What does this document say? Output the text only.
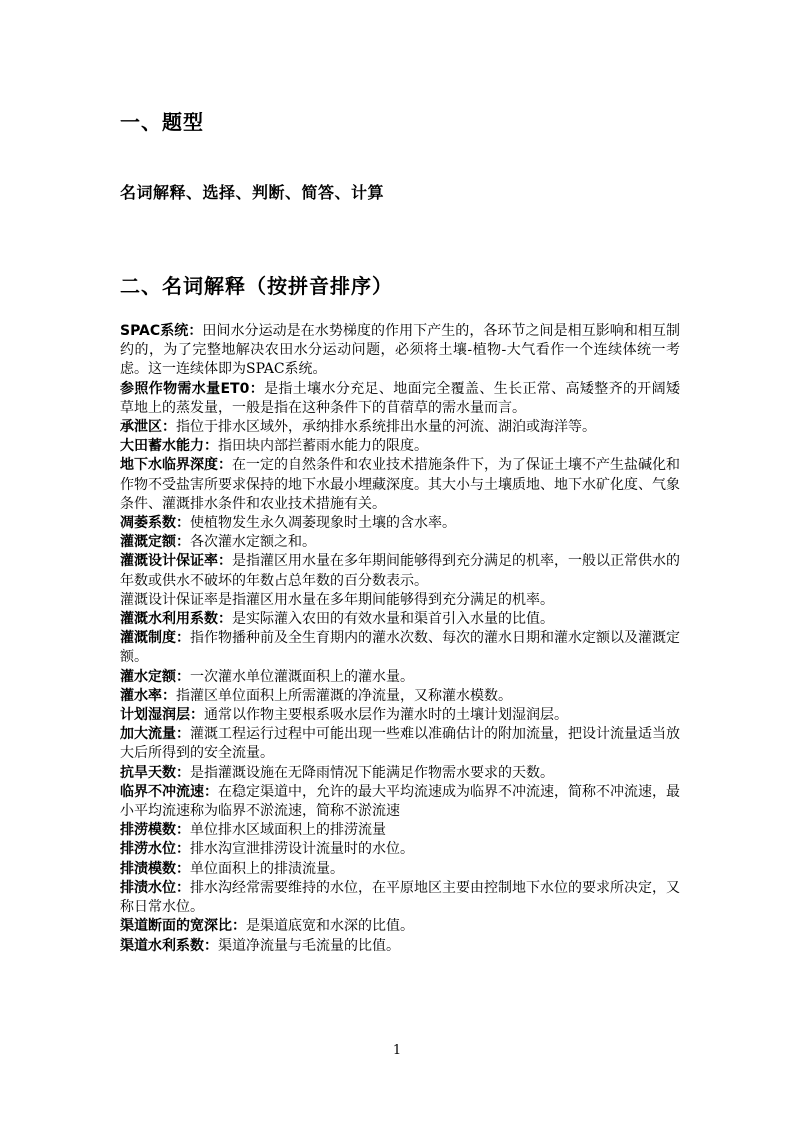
一、题型
名词解释、选择、判断、简答、计算
二、名词解释（按拼音排序）

SPAC系统：田间水分运动是在水势梯度的作用下产生的，各环节之间是相互影响和相互制约的，为了完整地解决农田水分运动问题，必须将土壤-植物-大气看作一个连续体统一考虑。这一连续体即为SPAC系统。

参照作物需水量ET0：是指土壤水分充足、地面完全覆盖、生长正常、高矮整齐的开阔矮草地上的蒸发量，一般是指在这种条件下的苜蓿草的需水量而言。

承泄区：指位于排水区域外，承纳排水系统排出水量的河流、湖泊或海洋等。

大田蓄水能力：指田块内部拦蓄雨水能力的限度。

地下水临界深度：在一定的自然条件和农业技术措施条件下，为了保证土壤不产生盐碱化和作物不受盐害所要求保持的地下水最小埋藏深度。其大小与土壤质地、地下水矿化度、气象条件、灌溉排水条件和农业技术措施有关。

凋萎系数：使植物发生永久凋萎现象时土壤的含水率。

灌溉定额：各次灌水定额之和。

灌溉设计保证率：是指灌区用水量在多年期间能够得到充分满足的机率，一般以正常供水的年数或供水不破坏的年数占总年数的百分数表示。

灌溉设计保证率是指灌区用水量在多年期间能够得到充分满足的机率。

灌溉水利用系数：是实际灌入农田的有效水量和渠首引入水量的比值。

灌溉制度：指作物播种前及全生育期内的灌水次数、每次的灌水日期和灌水定额以及灌溉定额。

灌水定额：一次灌水单位灌溉面积上的灌水量。

灌水率：指灌区单位面积上所需灌溉的净流量，又称灌水模数。

计划湿润层：通常以作物主要根系吸水层作为灌水时的土壤计划湿润层。

加大流量：灌溉工程运行过程中可能出现一些难以准确估计的附加流量，把设计流量适当放大后所得到的安全流量。

抗旱天数：是指灌溉设施在无降雨情况下能满足作物需水要求的天数。

临界不冲流速：在稳定渠道中，允许的最大平均流速成为临界不冲流速，简称不冲流速，最小平均流速称为临界不淤流速，简称不淤流速

排涝模数：单位排水区域面积上的排涝流量

排涝水位：排水沟宣泄排涝设计流量时的水位。

排渍模数：单位面积上的排渍流量。

排渍水位：排水沟经常需要维持的水位，在平原地区主要由控制地下水位的要求所决定，又称日常水位。

渠道断面的宽深比：是渠道底宽和水深的比值。

渠道水利系数：渠道净流量与毛流量的比值。

1
